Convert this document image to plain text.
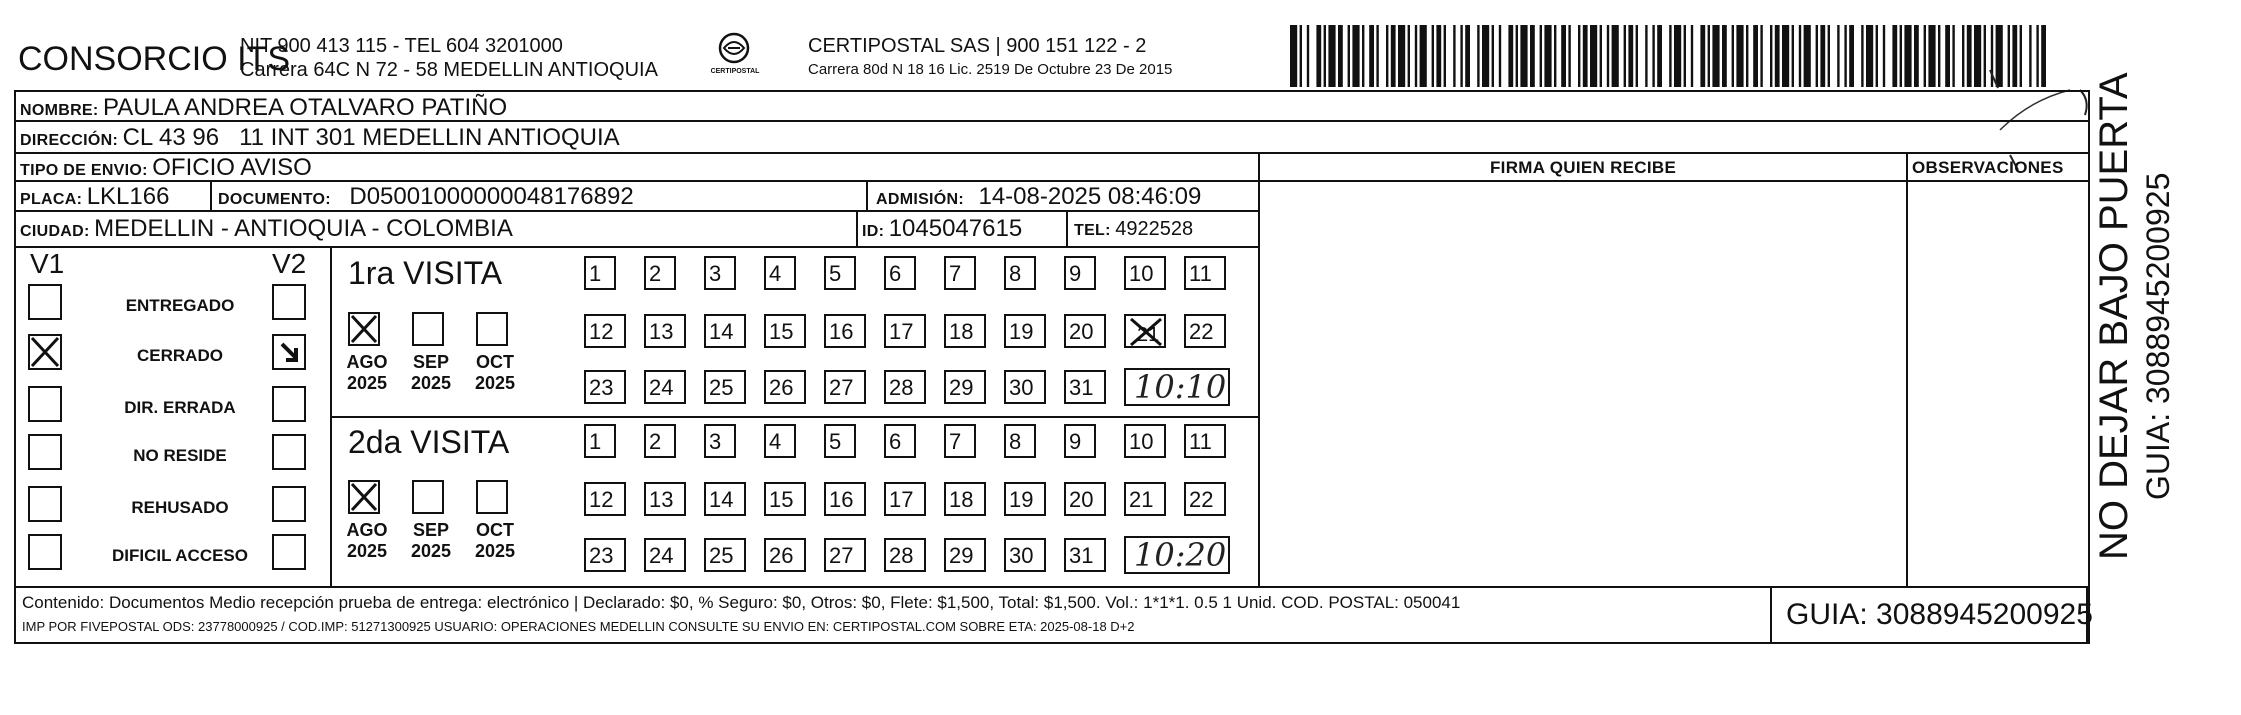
CONSORCIO ITS
NIT 900 413 115 - TEL 604 3201000
Carrera 64C N 72 - 58 MEDELLIN ANTIOQUIA	CERTIPOSTAL
CERTIPOSTAL SAS | 900 151 122 - 2
Carrera 80d N 18 16 Lic. 2519 De Octubre 23 De 2015
NOMBRE: PAULA ANDREA OTALVARO PATIÑO
DIRECCIÓN: CL 43 96   11 INT 301 MEDELLIN ANTIOQUIA
TIPO DE ENVIO: OFICIO AVISO
PLACA: LKL166	DOCUMENTO: D05001000000048176892	ADMISIÓN: 14-08-2025 08:46:09
CIUDAD: MEDELLIN - ANTIOQUIA - COLOMBIA	ID: 1045047615	TEL: 4922528
FIRMA QUIEN RECIBE	OBSERVACIONES
V1	V2
ENTREGADO
CERRADO
DIR. ERRADA
NO RESIDE
REHUSADO
DIFICIL ACCESO
1ra VISITA
2da VISITA
AGO
2025
SEP
2025
OCT
2025
1	2	3	4	5	6	7	8	9	10	11
12	13	14	15	16	17	18	19	20	21 22
23	24	25	26	27	28	29	30	31	10:10
AGO
2025
SEP
2025
OCT
2025
1	2	3	4	5	6	7	8	9	10	11
12	13	14	15	16	17	18	19	20	21	22
23	24	25	26	27	28	29	30	31	10:20
Contenido: Documentos Medio recepción prueba de entrega: electrónico | Declarado: $0, % Seguro: $0, Otros: $0, Flete: $1,500, Total: $1,500. Vol.: 1*1*1. 0.5 1 Unid. COD. POSTAL: 050041
IMP POR FIVEPOSTAL ODS: 23778000925 / COD.IMP: 51271300925 USUARIO: OPERACIONES MEDELLIN CONSULTE SU ENVIO EN: CERTIPOSTAL.COM SOBRE ETA: 2025-08-18 D+2	GUIA: 3088945200925
NO DEJAR BAJO PUERTA GUIA: 3088945200925
